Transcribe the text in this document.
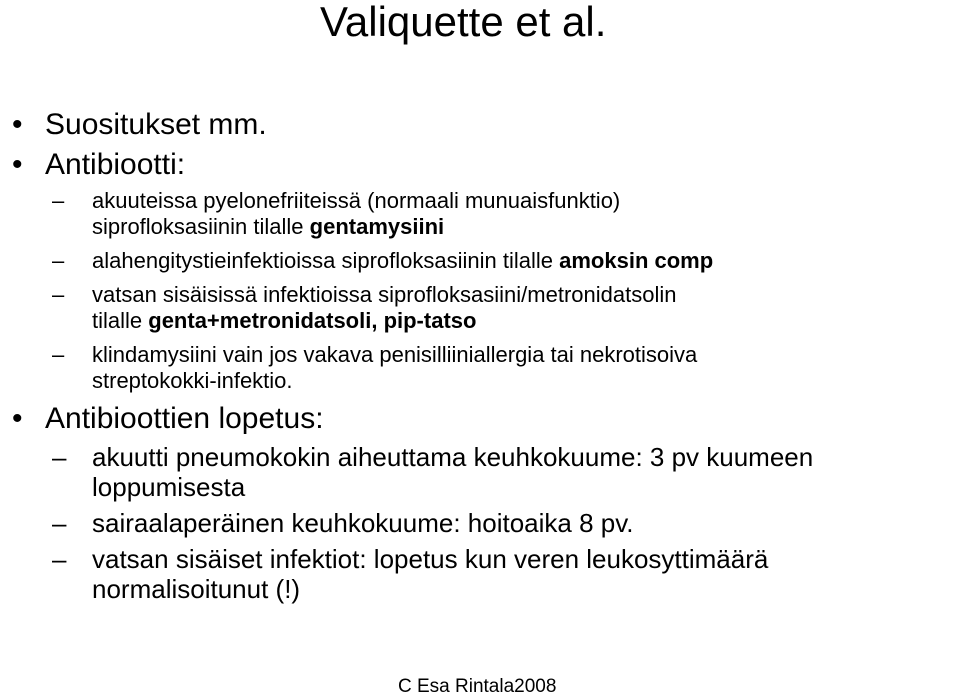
Valiquette et al.
• Suositukset mm.
• Antibiootti:
– akuuteissa pyelonefriiteissä (normaali munuaisfunktio)
siprofloksasiinin tilalle gentamysiini
– alahengitystieinfektioissa siprofloksasiinin tilalle amoksin comp
– vatsan sisäisissä infektioissa siprofloksasiini/metronidatsolin
tilalle genta+metronidatsoli, pip-tatso
– klindamysiini vain jos vakava penisilliiniallergia tai nekrotisoiva
streptokokki-infektio.
• Antibioottien lopetus:
– akuutti pneumokokin aiheuttama keuhkokuume: 3 pv kuumeen
loppumisesta
– sairaalaperäinen keuhkokuume: hoitoaika 8 pv.
– vatsan sisäiset infektiot: lopetus kun veren leukosyttimäärä
normalisoitunut (!)
C Esa Rintala2008
